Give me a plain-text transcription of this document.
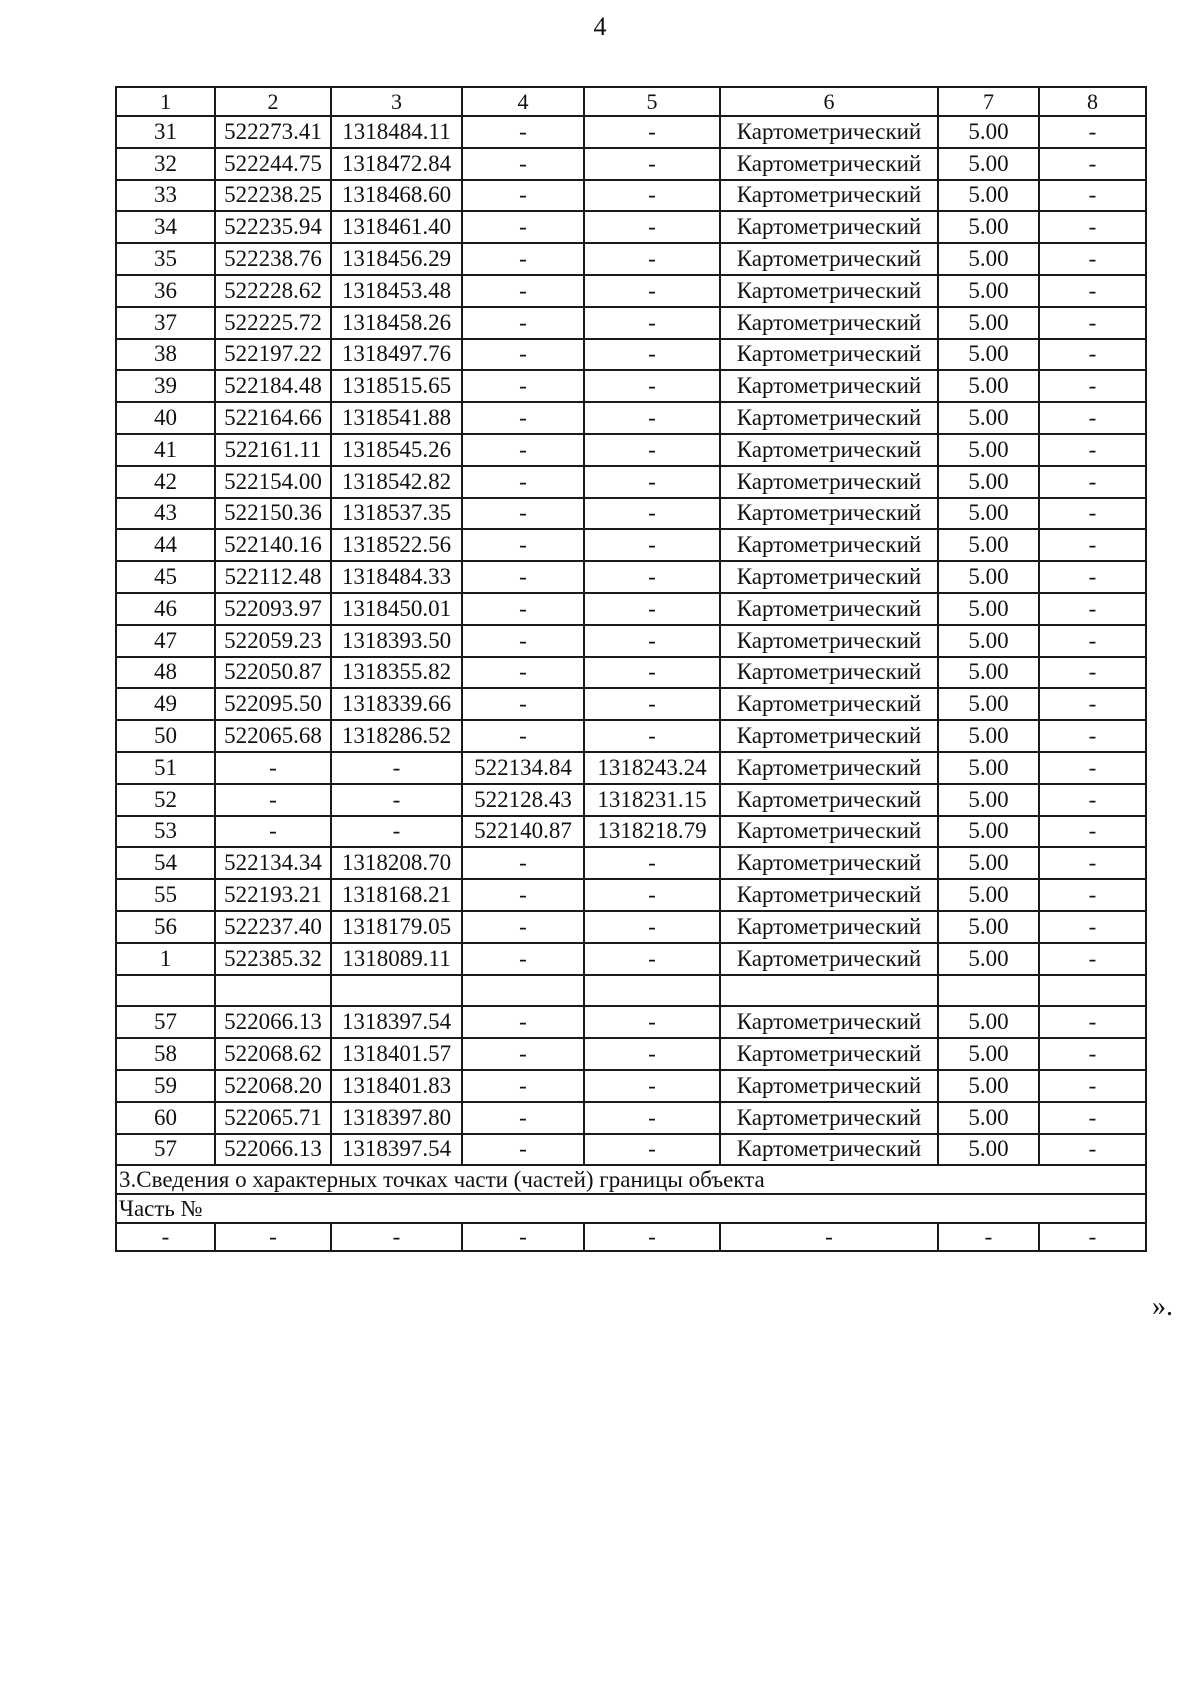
4
1	2	3	4	5	6	7	8
31	522273.41	1318484.11	-	-	Картометрический	5.00	-
32	522244.75	1318472.84	-	-	Картометрический	5.00	-
33	522238.25	1318468.60	-	-	Картометрический	5.00	-
34	522235.94	1318461.40	-	-	Картометрический	5.00	-
35	522238.76	1318456.29	-	-	Картометрический	5.00	-
36	522228.62	1318453.48	-	-	Картометрический	5.00	-
37	522225.72	1318458.26	-	-	Картометрический	5.00	-
38	522197.22	1318497.76	-	-	Картометрический	5.00	-
39	522184.48	1318515.65	-	-	Картометрический	5.00	-
40	522164.66	1318541.88	-	-	Картометрический	5.00	-
41	522161.11	1318545.26	-	-	Картометрический	5.00	-
42	522154.00	1318542.82	-	-	Картометрический	5.00	-
43	522150.36	1318537.35	-	-	Картометрический	5.00	-
44	522140.16	1318522.56	-	-	Картометрический	5.00	-
45	522112.48	1318484.33	-	-	Картометрический	5.00	-
46	522093.97	1318450.01	-	-	Картометрический	5.00	-
47	522059.23	1318393.50	-	-	Картометрический	5.00	-
48	522050.87	1318355.82	-	-	Картометрический	5.00	-
49	522095.50	1318339.66	-	-	Картометрический	5.00	-
50	522065.68	1318286.52	-	-	Картометрический	5.00	-
51	-	-	522134.84	1318243.24	Картометрический	5.00	-
52	-	-	522128.43	1318231.15	Картометрический	5.00	-
53	-	-	522140.87	1318218.79	Картометрический	5.00	-
54	522134.34	1318208.70	-	-	Картометрический	5.00	-
55	522193.21	1318168.21	-	-	Картометрический	5.00	-
56	522237.40	1318179.05	-	-	Картометрический	5.00	-
1	522385.32	1318089.11	-	-	Картометрический	5.00	-

57	522066.13	1318397.54	-	-	Картометрический	5.00	-
58	522068.62	1318401.57	-	-	Картометрический	5.00	-
59	522068.20	1318401.83	-	-	Картометрический	5.00	-
60	522065.71	1318397.80	-	-	Картометрический	5.00	-
57	522066.13	1318397.54	-	-	Картометрический	5.00	-
3.Сведения о характерных точках части (частей) границы объекта							
Часть №							
-	-	-	-	-	-	-	-
».
